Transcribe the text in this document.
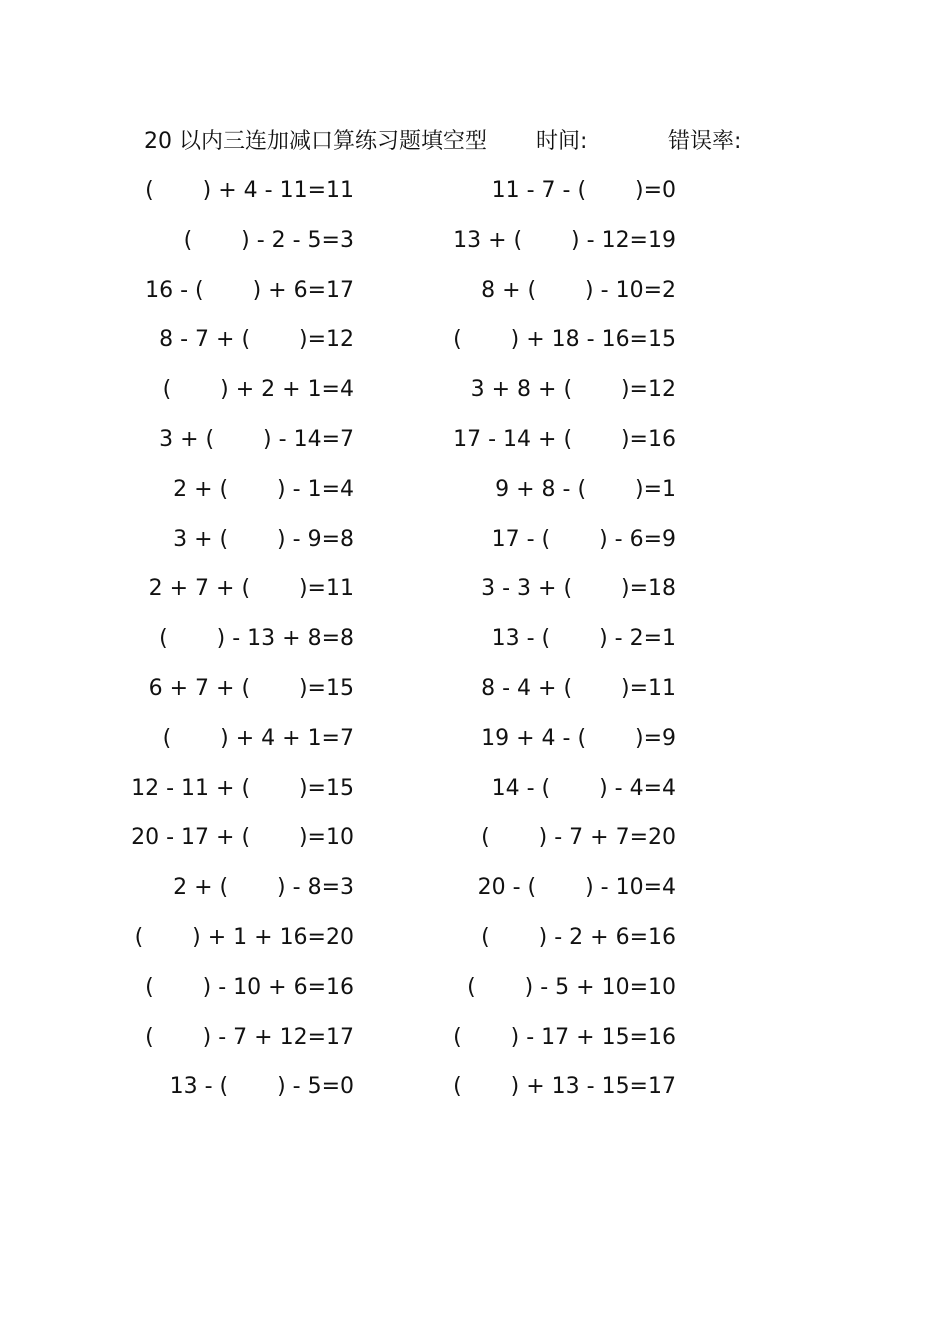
20 以内三连加减口算练习题填空型 时间:	错误率:
(       ) + 4 - 11=11	11 - 7 - (       )=0
(       ) - 2 - 5=3	13 + (       ) - 12=19
16 - (       ) + 6=17	8 + (       ) - 10=2
8 - 7 + (       )=12	(       ) + 18 - 16=15
(       ) + 2 + 1=4	3 + 8 + (       )=12
3 + (       ) - 14=7	17 - 14 + (       )=16
2 + (       ) - 1=4	9 + 8 - (       )=1
3 + (       ) - 9=8	17 - (       ) - 6=9
2 + 7 + (       )=11	3 - 3 + (       )=18
(       ) - 13 + 8=8	13 - (       ) - 2=1
6 + 7 + (       )=15	8 - 4 + (       )=11
(       ) + 4 + 1=7	19 + 4 - (       )=9
12 - 11 + (       )=15	14 - (       ) - 4=4
20 - 17 + (       )=10	(       ) - 7 + 7=20
2 + (       ) - 8=3	20 - (       ) - 10=4
(       ) + 1 + 16=20	(       ) - 2 + 6=16
(       ) - 10 + 6=16	(       ) - 5 + 10=10
(       ) - 7 + 12=17	(       ) - 17 + 15=16
13 - (       ) - 5=0	(       ) + 13 - 15=17
